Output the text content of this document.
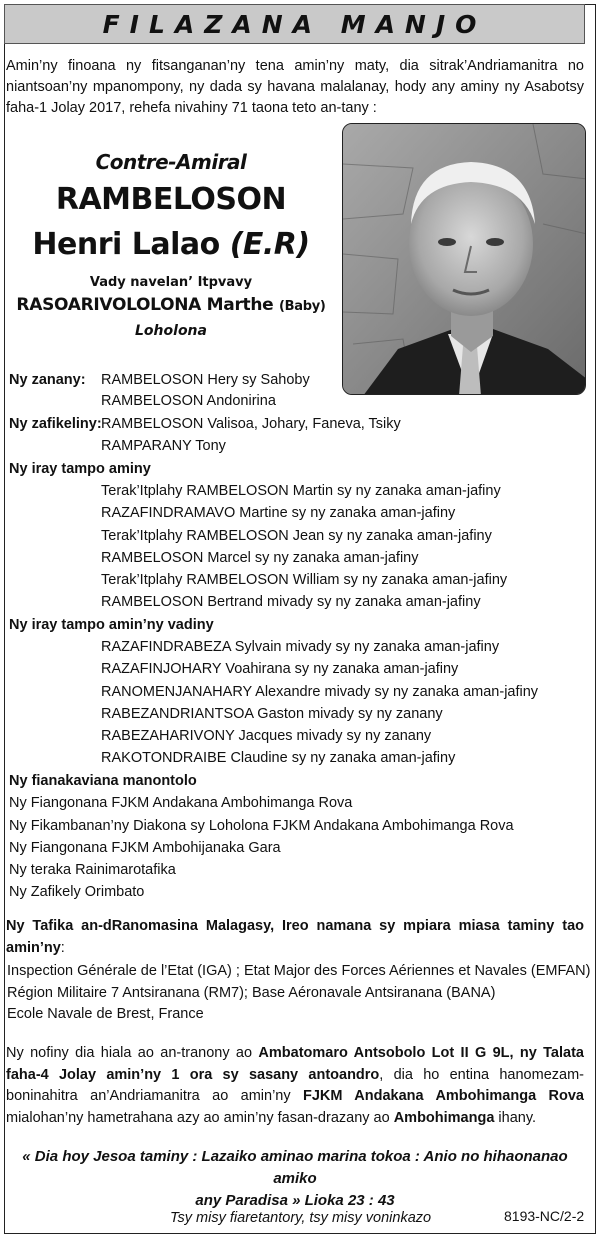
FILAZANA MANJO

Amin’ny finoana ny fitsanganan’ny tena amin’ny maty, dia sitrak’Andriamanitra no niantsoan’ny mpanompony, ny dada sy havana malalanay, hody any aminy ny Asabotsy faha-1 Jolay 2017, rehefa nivahiny 71 taona teto an-tany :

Contre-Amiral
RAMBELOSON
Henri Lalao (E.R)
Vady navelan’ Itpvavy
RASOARIVOLOLONA Marthe (Baby)
Loholona
Ny zanany: RAMBELOSON Hery sy Sahoby
RAMBELOSON Andonirina
Ny zafikeliny: RAMBELOSON Valisoa, Johary, Faneva, Tsiky
RAMPARANY Tony
Ny iray tampo aminy
Terak’Itplahy RAMBELOSON Martin sy ny zanaka aman-jafiny
RAZAFINDRAMAVO Martine sy ny zanaka aman-jafiny
Terak’Itplahy RAMBELOSON Jean sy ny zanaka aman-jafiny
RAMBELOSON Marcel sy ny zanaka aman-jafiny
Terak’Itplahy RAMBELOSON William sy ny zanaka aman-jafiny
RAMBELOSON Bertrand mivady sy ny zanaka aman-jafiny
Ny iray tampo amin’ny vadiny
RAZAFINDRABEZA Sylvain mivady sy ny zanaka aman-jafiny
RAZAFINJOHARY Voahirana sy ny zanaka aman-jafiny
RANOMENJANAHARY Alexandre mivady sy ny zanaka aman-jafiny
RABEZANDRIANTSOA Gaston mivady sy ny zanany
RABEZAHARIVONY Jacques mivady sy ny zanany
RAKOTONDRAIBE Claudine sy ny zanaka aman-jafiny
Ny fianakaviana manontolo
Ny Fiangonana FJKM Andakana Ambohimanga Rova
Ny Fikambanan’ny Diakona sy Loholona FJKM Andakana Ambohimanga Rova
Ny Fiangonana FJKM Ambohijanaka Gara
Ny teraka Rainimarotafika
Ny Zafikely Orimbato

Ny Tafika an-dRanomasina Malagasy, Ireo namana sy mpiara miasa taminy tao amin’ny:

Inspection Générale de l’Etat (IGA) ; Etat Major des Forces Aériennes et Navales (EMFAN)
Région Militaire 7 Antsiranana (RM7); Base Aéronavale Antsiranana (BANA)
Ecole Navale de Brest, France

Ny nofiny dia hiala ao an-tranony ao Ambatomaro Antsobolo Lot II G 9L, ny Talata faha-4 Jolay amin’ny 1 ora sy sasany antoandro, dia ho entina hanomezam-boninahitra an’Andriamanitra ao amin’ny FJKM Andakana Ambohimanga Rova mialohan’ny hametrahana azy ao amin’ny fasan-drazany ao Ambohimanga ihany.

« Dia hoy Jesoa taminy : Lazaiko aminao marina tokoa : Anio no hihaonanao amiko
any Paradisa » Lioka 23 : 43
Tsy misy fiaretantory, tsy misy voninkazo	8193-NC/2-2
